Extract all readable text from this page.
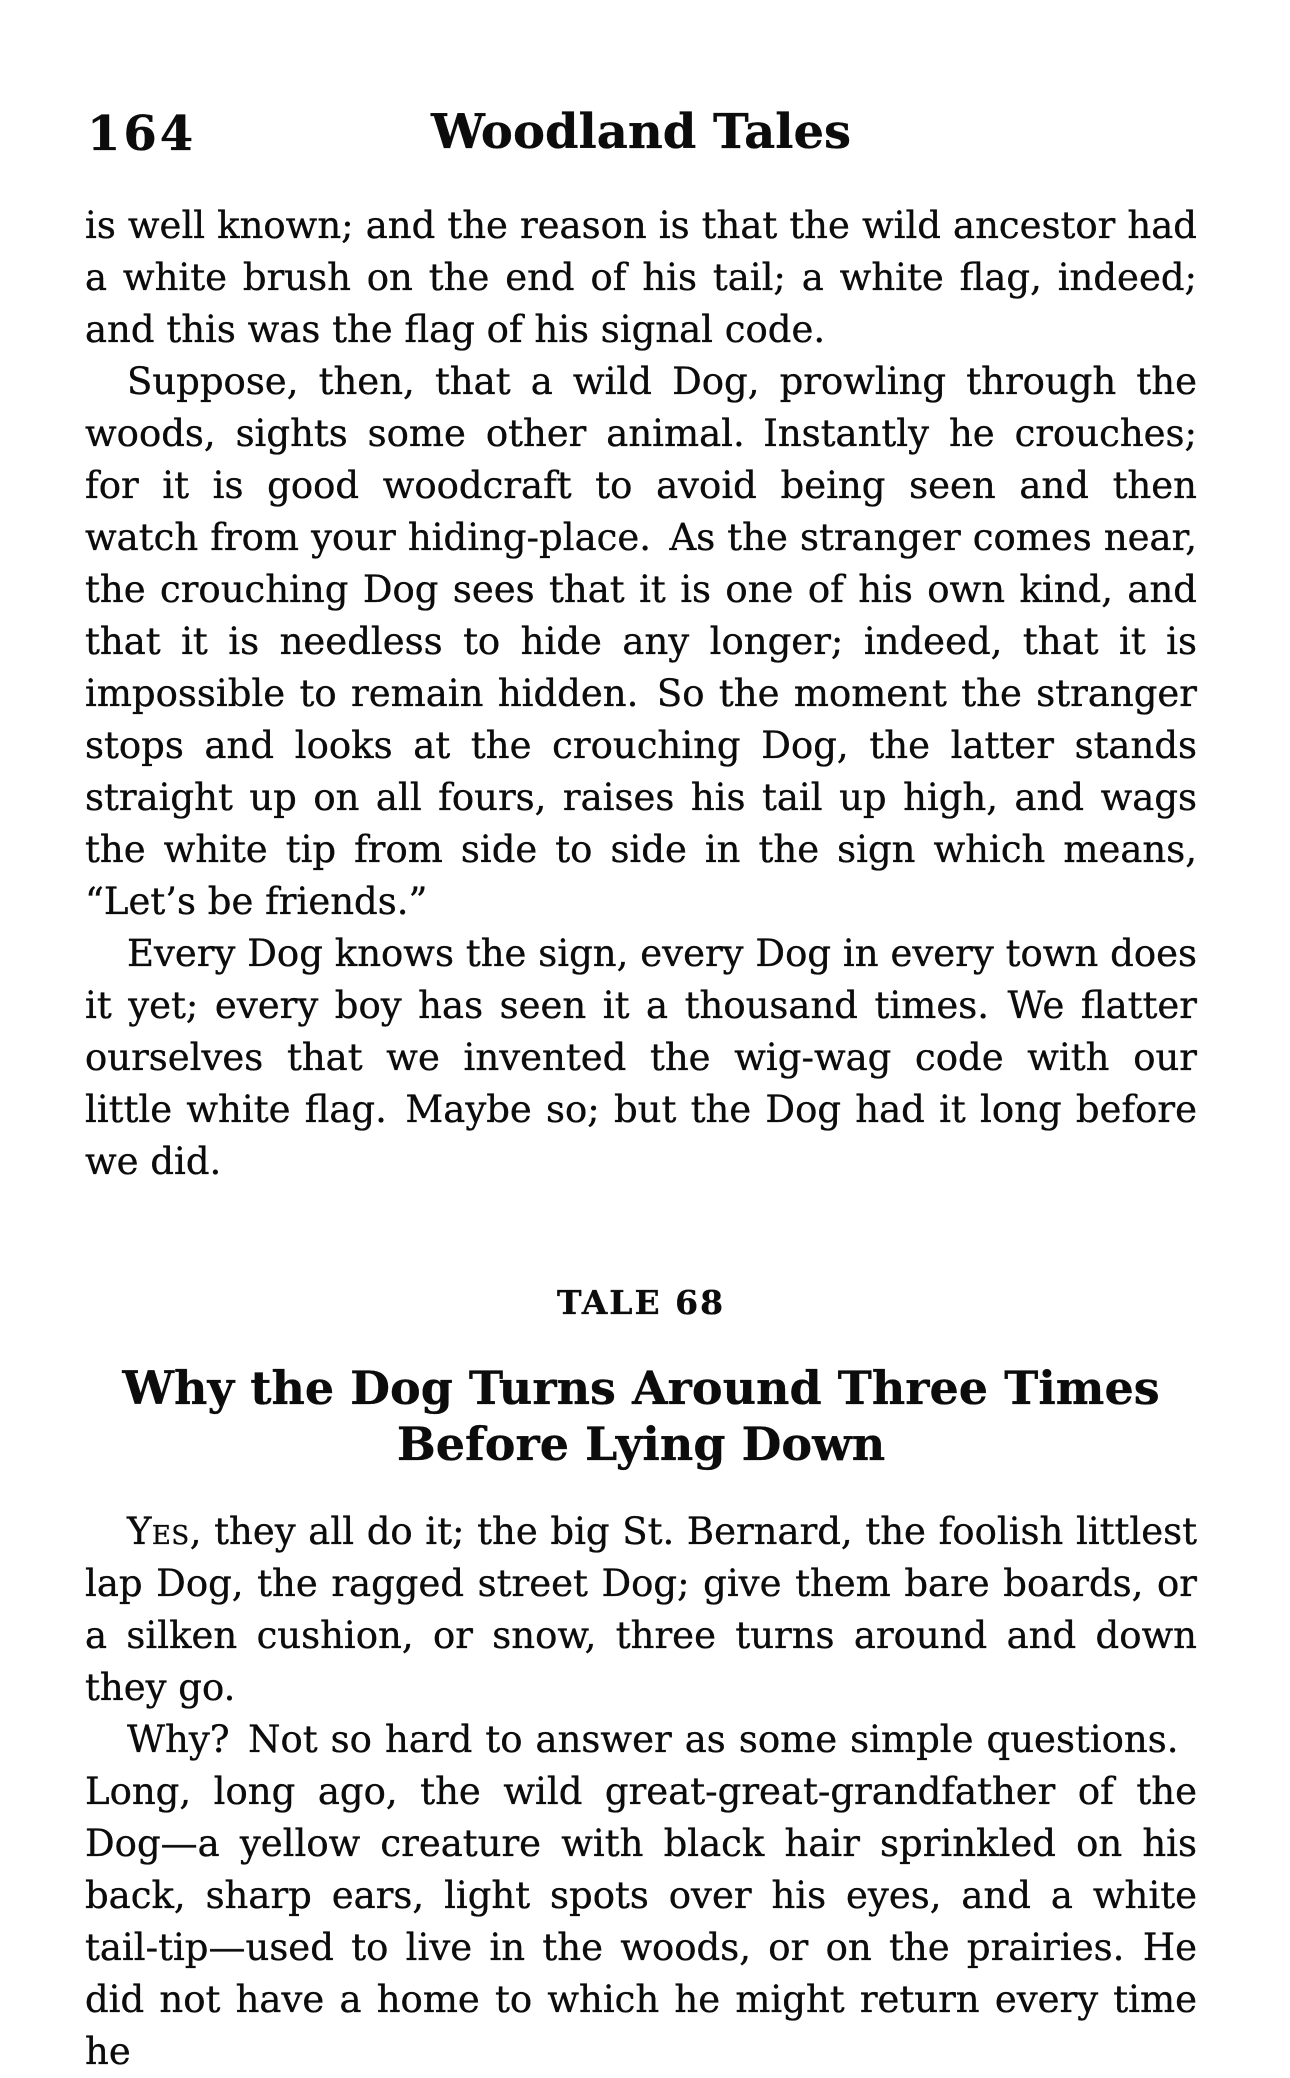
164	Woodland Tales

is well known; and the reason is that the wild ancestor had a white brush on the end of his tail; a white flag, indeed; and this was the flag of his signal code.

Suppose, then, that a wild Dog, prowling through the woods, sights some other animal. Instantly he crouches; for it is good woodcraft to avoid being seen and then watch from your hiding-place. As the stranger comes near, the crouching Dog sees that it is one of his own kind, and that it is needless to hide any longer; indeed, that it is impossible to remain hidden. So the moment the stranger stops and looks at the crouching Dog, the latter stands straight up on all fours, raises his tail up high, and wags the white tip from side to side in the sign which means, “Let’s be friends.”

Every Dog knows the sign, every Dog in every town does it yet; every boy has seen it a thousand times. We flatter ourselves that we invented the wig-wag code with our little white flag. Maybe so; but the Dog had it long before we did.

TALE 68
Why the Dog Turns Around Three Times Before Lying Down

Yes, they all do it; the big St. Bernard, the foolish littlest lap Dog, the ragged street Dog; give them bare boards, or a silken cushion, or snow, three turns around and down they go.

Why? Not so hard to answer as some simple questions. Long, long ago, the wild great-great-grandfather of the Dog—a yellow creature with black hair sprinkled on his back, sharp ears, light spots over his eyes, and a white tail-tip—used to live in the woods, or on the prairies. He did not have a home to which he might return every time he
